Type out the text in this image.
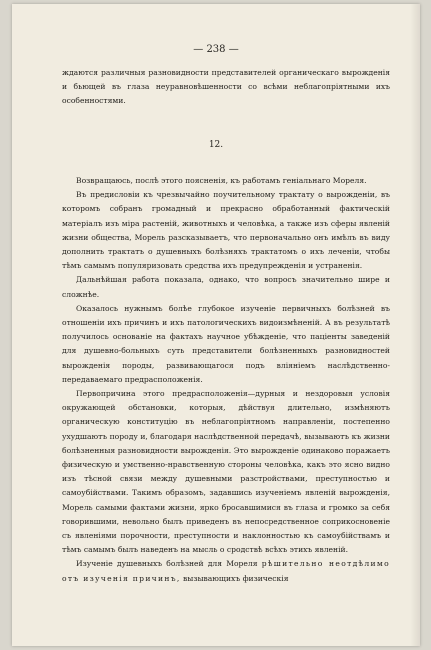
— 238 —

ждаются различныя разновидности представителей органическаго вырожденія и бьющей въ глаза неуравновѣшенности со всѣми неблагопріятными ихъ особенностями.

12.

Возвращаюсь, послѣ этого поясненія, къ работамъ геніальнаго Мореля.

Въ предисловіи къ чрезвычайно поучительному трактату о вырожденіи, въ которомъ собранъ громадный и прекрасно обработанный фактическій матеріалъ изъ міра растеній, животныхъ и человѣка, а также изъ сферы явленій жизни общества, Морель разсказываетъ, что первоначально онъ имѣлъ въ виду дополнить трактатъ о душевныхъ болѣзняхъ трактатомъ о ихъ леченіи, чтобы тѣмъ самымъ популяризовать средства ихъ предупрежденія и устраненія.

Дальнѣйшая работа показала, однако, что вопросъ значительно шире и сложнѣе.

Оказалось нужнымъ болѣе глубокое изученіе первичныхъ болѣзней въ отношеніи ихъ причинъ и ихъ патологическихъ видоизмѣненій. А въ результатѣ получилось основаніе на фактахъ научное убѣжденіе, что паціенты заведеній для душевно-больныхъ суть представители болѣзненныхъ разновидностей вырожденія породы, развивающагося подъ вліяніемъ наслѣдственно-передаваемаго предрасположенія.

Первопричина этого предрасположенія—дурныя и нездоровыя условія окружающей обстановки, которыя, дѣйствуя длительно, измѣняютъ органическую конституцію въ неблагопріятномъ направленіи, постепенно ухудшаютъ породу и, благодаря наслѣдственной передачѣ, вызываютъ къ жизни болѣзненныя разновидности вырожденія. Это вырожденіе одинаково поражаетъ физическую и умственно-нравственную стороны человѣка, какъ это ясно видно изъ тѣсной связи между душевными разстройствами, преступностью и самоубійствами. Такимъ образомъ, задавшись изученіемъ явленій вырожденія, Морель самыми фактами жизни, ярко бросавшимися въ глаза и громко за себя говорившими, невольно былъ приведенъ въ непосредственное соприкосновеніе съ явленіями порочности, преступности и наклонностью къ самоубійствамъ и тѣмъ самымъ былъ наведенъ на мысль о сродствѣ всѣхъ этихъ явленій.

Изученіе душевныхъ болѣзней для Мореля рѣшительно неотдѣлимо отъ изученія причинъ, вызывающихъ физическія
